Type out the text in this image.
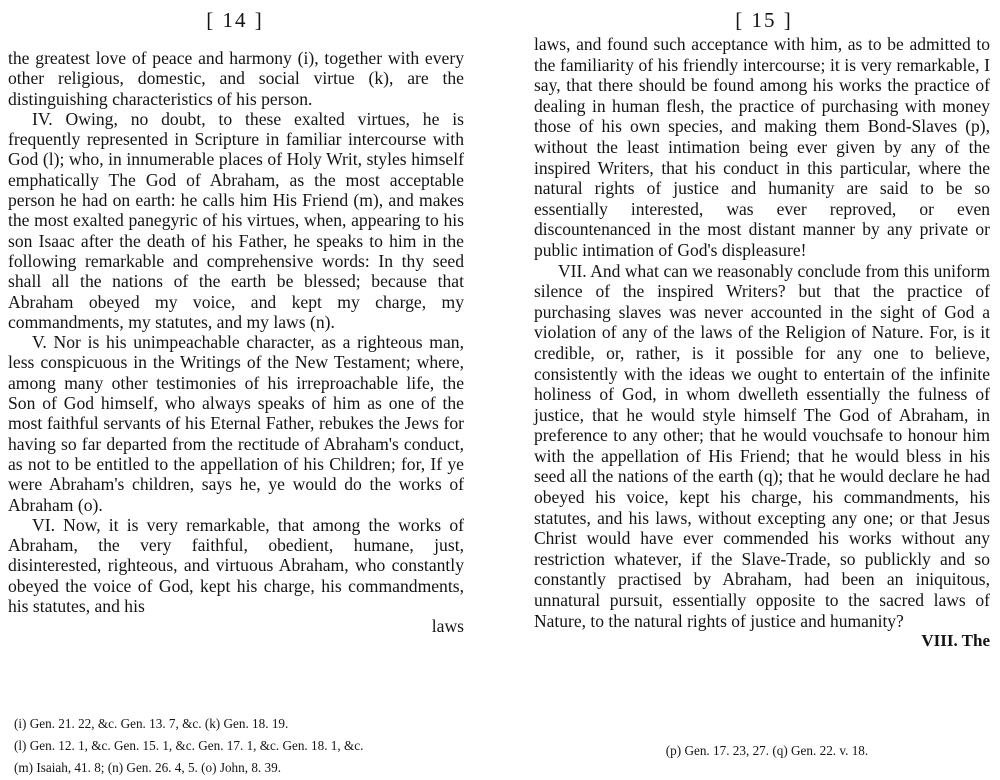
[ 14 ]

the greatest love of peace and harmony (i), together with every other religious, domestic, and social virtue (k), are the distinguishing characteristics of his person.

IV. Owing, no doubt, to these exalted virtues, he is frequently represented in Scripture in familiar intercourse with God (l); who, in innumerable places of Holy Writ, styles himself emphatically The God of Abraham, as the most acceptable person he had on earth: he calls him His Friend (m), and makes the most exalted panegyric of his virtues, when, appearing to his son Isaac after the death of his Father, he speaks to him in the following remarkable and comprehensive words: In thy seed shall all the nations of the earth be blessed; because that Abraham obeyed my voice, and kept my charge, my commandments, my statutes, and my laws (n).

V. Nor is his unimpeachable character, as a righteous man, less conspicuous in the Writings of the New Testament; where, among many other testimonies of his irreproachable life, the Son of God himself, who always speaks of him as one of the most faithful servants of his Eternal Father, rebukes the Jews for having so far departed from the rectitude of Abraham's conduct, as not to be entitled to the appellation of his Children; for, If ye were Abraham's children, says he, ye would do the works of Abraham (o).

VI. Now, it is very remarkable, that among the works of Abraham, the very faithful, obedient, humane, just, disinterested, righteous, and virtuous Abraham, who constantly obeyed the voice of God, kept his charge, his commandments, his statutes, and his

laws

(i) Gen. 21. 22, &c. Gen. 13. 7, &c. (k) Gen. 18. 19.
(l) Gen. 12. 1, &c. Gen. 15. 1, &c. Gen. 17. 1, &c. Gen. 18. 1, &c.
(m) Isaiah, 41. 8; (n) Gen. 26. 4, 5. (o) John, 8. 39.
[ 15 ]

laws, and found such acceptance with him, as to be admitted to the familiarity of his friendly intercourse; it is very remarkable, I say, that there should be found among his works the practice of dealing in human flesh, the practice of purchasing with money those of his own species, and making them Bond-Slaves (p), without the least intimation being ever given by any of the inspired Writers, that his conduct in this particular, where the natural rights of justice and humanity are said to be so essentially interested, was ever reproved, or even discountenanced in the most distant manner by any private or public intimation of God's displeasure!

VII. And what can we reasonably conclude from this uniform silence of the inspired Writers? but that the practice of purchasing slaves was never accounted in the sight of God a violation of any of the laws of the Religion of Nature. For, is it credible, or, rather, is it possible for any one to believe, consistently with the ideas we ought to entertain of the infinite holiness of God, in whom dwelleth essentially the fulness of justice, that he would style himself The God of Abraham, in preference to any other; that he would vouchsafe to honour him with the appellation of His Friend; that he would bless in his seed all the nations of the earth (q); that he would declare he had obeyed his voice, kept his charge, his commandments, his statutes, and his laws, without excepting any one; or that Jesus Christ would have ever commended his works without any restriction whatever, if the Slave-Trade, so publickly and so constantly practised by Abraham, had been an iniquitous, unnatural pursuit, essentially opposite to the sacred laws of Nature, to the natural rights of justice and humanity?

VIII. The

(p) Gen. 17. 23, 27. (q) Gen. 22. v. 18.
